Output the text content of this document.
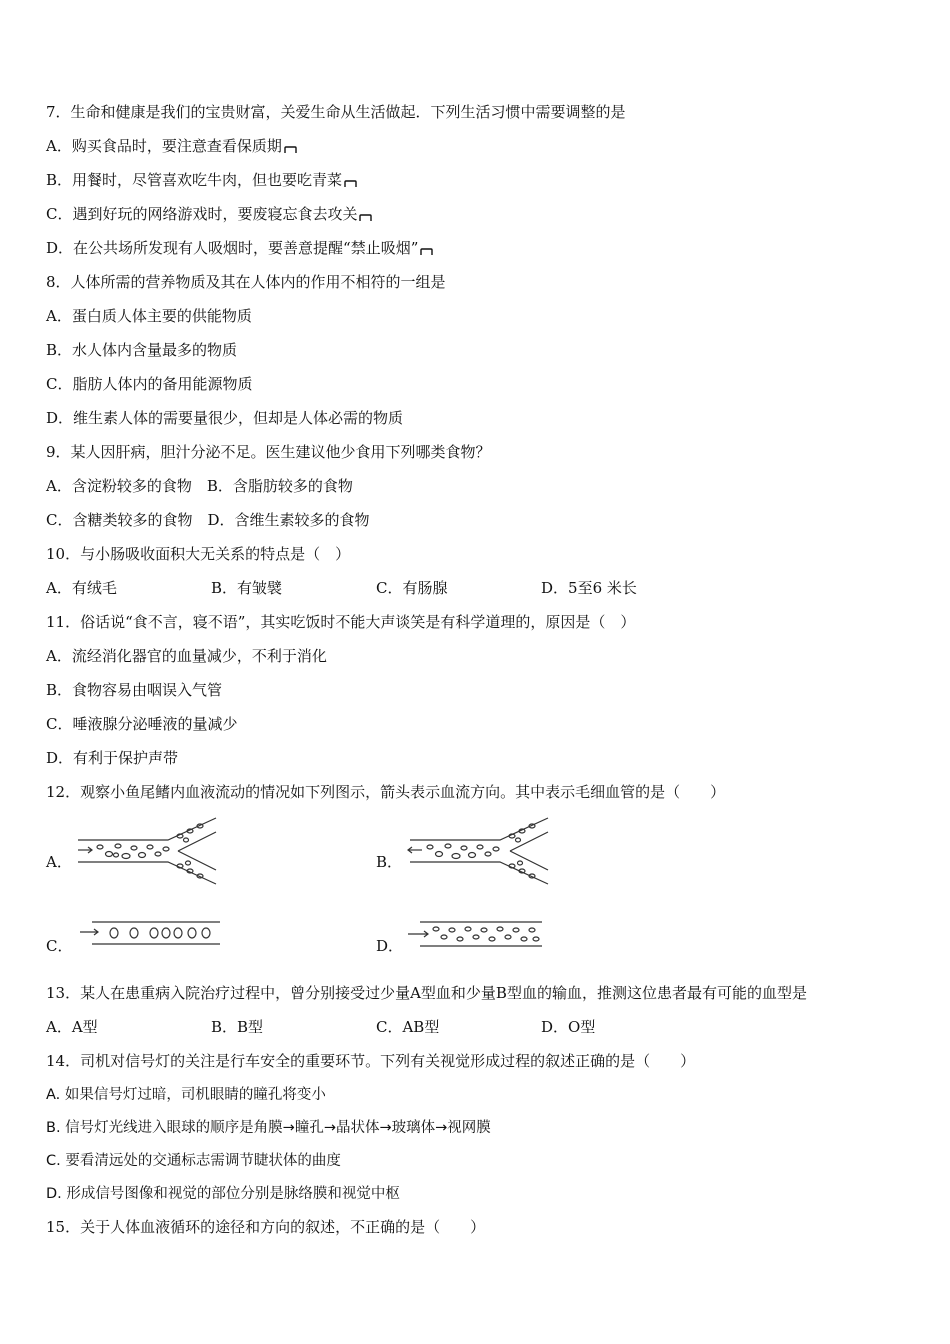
7．生命和健康是我们的宝贵财富，关爱生命从生活做起．下列生活习惯中需要调整的是
A．购买食品时，要注意查看保质期
B．用餐时，尽管喜欢吃牛肉，但也要吃青菜
C．遇到好玩的网络游戏时，要废寝忘食去攻关
D．在公共场所发现有人吸烟时，要善意提醒“禁止吸烟”
8．人体所需的营养物质及其在人体内的作用不相符的一组是
A．蛋白质人体主要的供能物质
B．水人体内含量最多的物质
C．脂肪人体内的备用能源物质
D．维生素人体的需要量很少，但却是人体必需的物质
9．某人因肝病，胆汁分泌不足。医生建议他少食用下列哪类食物？
A．含淀粉较多的食物　B．含脂肪较多的食物
C．含糖类较多的食物　D．含维生素较多的食物
10．与小肠吸收面积大无关系的特点是（　）
A．有绒毛	B．有皱襞	C．有肠腺	D．5至6 米长
11．俗话说“食不言，寝不语”，其实吃饭时不能大声谈笑是有科学道理的，原因是（　）
A．流经消化器官的血量减少，不利于消化
B．食物容易由咽误入气管
C．唾液腺分泌唾液的量减少
D．有利于保护声带
12．观察小鱼尾鳍内血液流动的情况如下列图示，箭头表示血流方向。其中表示毛细血管的是（　　）
A．	B．
C．	D．
13．某人在患重病入院治疗过程中，曾分别接受过少量A型血和少量B型血的输血，推测这位患者最有可能的血型是
A．A型	B．B型	C．AB型	D．O型
14．司机对信号灯的关注是行车安全的重要环节。下列有关视觉形成过程的叙述正确的是（　　）
A. 如果信号灯过暗，司机眼睛的瞳孔将变小
B. 信号灯光线进入眼球的顺序是角膜→瞳孔→晶状体→玻璃体→视网膜
C. 要看清远处的交通标志需调节睫状体的曲度
D. 形成信号图像和视觉的部位分别是脉络膜和视觉中枢
15．关于人体血液循环的途径和方向的叙述，不正确的是（　　）
